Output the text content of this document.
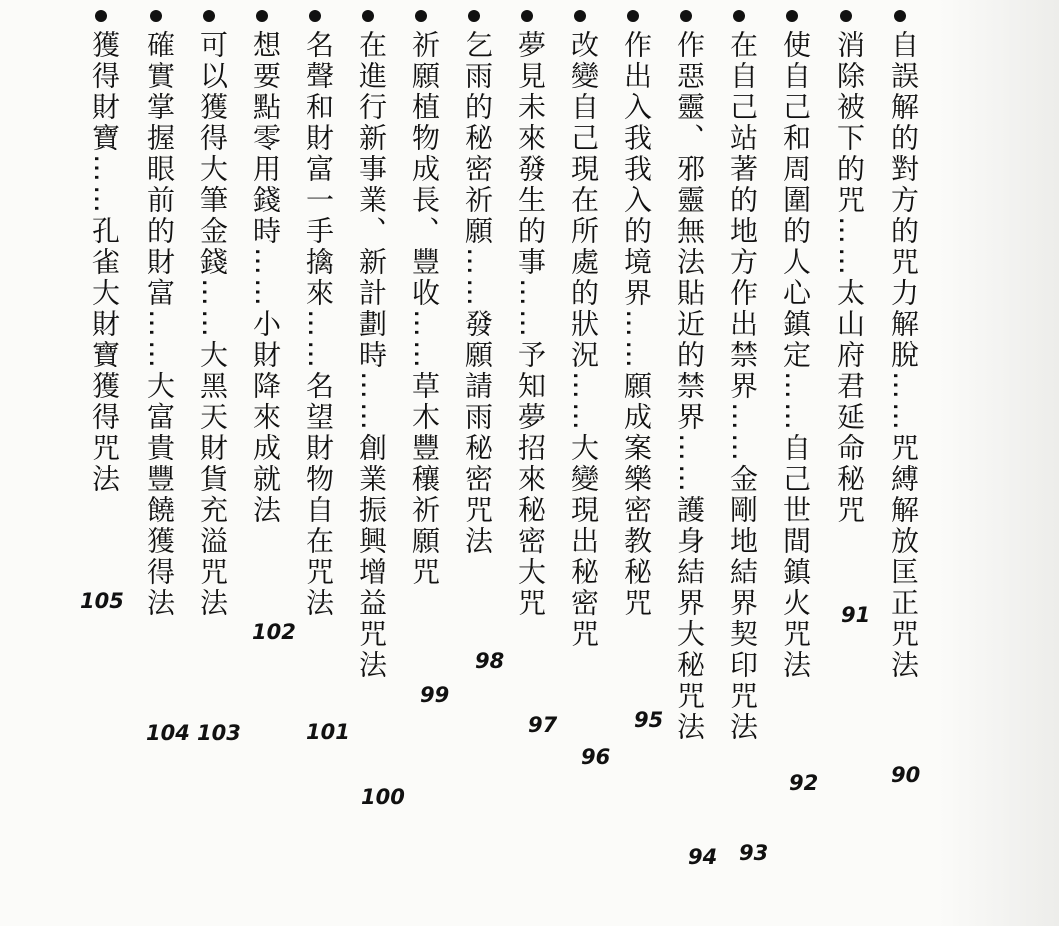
自誤解的對方的咒力解脫……咒縛解放匡正咒法
90
消除被下的咒……太山府君延命秘咒
91
使自己和周圍的人心鎮定……自己世間鎮火咒法
92
在自己站著的地方作出禁界……金剛地結界契印咒法
93
作惡靈、邪靈無法貼近的禁界……護身結界大秘咒法
94
作出入我我入的境界……願成案樂密教秘咒
95
改變自己現在所處的狀況……大變現出秘密咒
96
夢見未來發生的事……予知夢招來秘密大咒
97
乞雨的秘密祈願……發願請雨秘密咒法
98
祈願植物成長、豐收……草木豐穰祈願咒
99
在進行新事業、新計劃時……創業振興增益咒法
100
名聲和財富一手擒來……名望財物自在咒法
101
想要點零用錢時……小財降來成就法
102
可以獲得大筆金錢……大黑天財貨充溢咒法
103
確實掌握眼前的財富……大富貴豐饒獲得法
104
獲得財寶……孔雀大財寶獲得咒法
105
